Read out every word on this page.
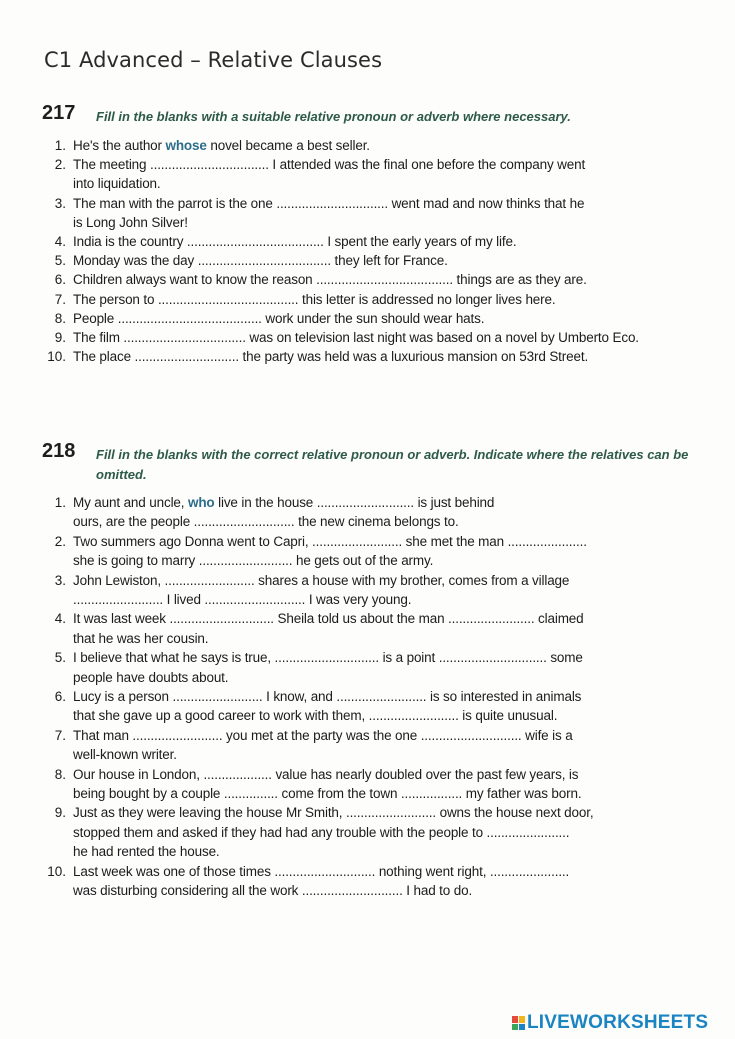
C1 Advanced – Relative Clauses
217 Fill in the blanks with a suitable relative pronoun or adverb where necessary.
1. He's the author whose novel became a best seller.
2. The meeting ................................. I attended was the final one before the company went
into liquidation.
3. The man with the parrot is the one ............................... went mad and now thinks that he
is Long John Silver!
4. India is the country ...................................... I spent the early years of my life.
5. Monday was the day ..................................... they left for France.
6. Children always want to know the reason ...................................... things are as they are.
7. The person to ....................................... this letter is addressed no longer lives here.
8. People ........................................ work under the sun should wear hats.
9. The film .................................. was on television last night was based on a novel by Umberto Eco.
10. The place ............................. the party was held was a luxurious mansion on 53rd Street.
218 Fill in the blanks with the correct relative pronoun or adverb. Indicate where the relatives can be omitted.
1. My aunt and uncle, who live in the house ........................... is just behind
ours, are the people ............................ the new cinema belongs to.
2. Two summers ago Donna went to Capri, ......................... she met the man ......................
she is going to marry .......................... he gets out of the army.
3. John Lewiston, ......................... shares a house with my brother, comes from a village
......................... I lived ............................ I was very young.
4. It was last week ............................. Sheila told us about the man ........................ claimed
that he was her cousin.
5. I believe that what he says is true, ............................. is a point .............................. some
people have doubts about.
6. Lucy is a person ......................... I know, and ......................... is so interested in animals
that she gave up a good career to work with them, ......................... is quite unusual.
7. That man ......................... you met at the party was the one ............................ wife is a
well-known writer.
8. Our house in London, ................... value has nearly doubled over the past few years, is
being bought by a couple ............... come from the town ................. my father was born.
9. Just as they were leaving the house Mr Smith, ......................... owns the house next door,
stopped them and asked if they had had any trouble with the people to .......................
he had rented the house.
10. Last week was one of those times ............................ nothing went right, ......................
was disturbing considering all the work ............................ I had to do.
LIVEWORKSHEETS
